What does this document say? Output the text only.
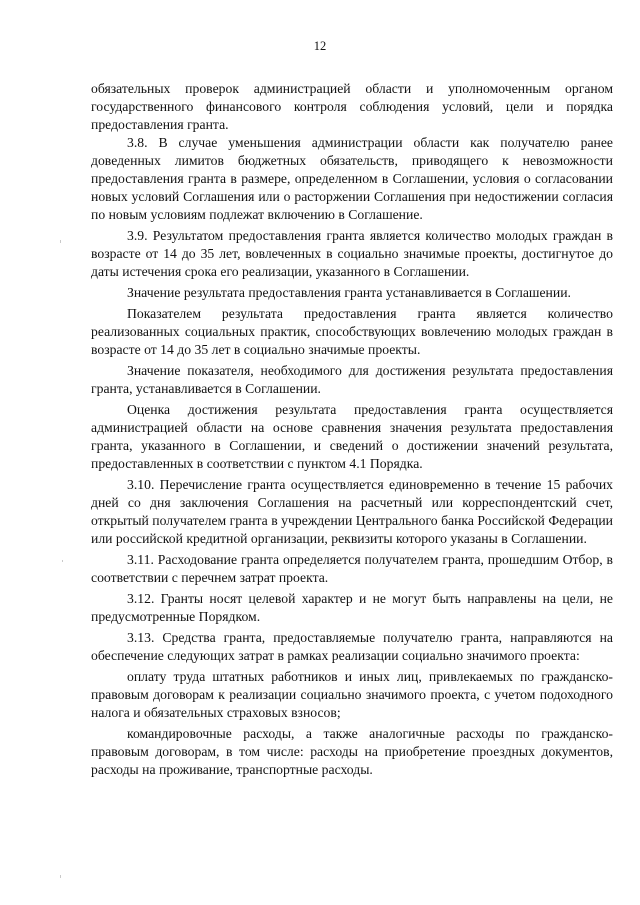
12

обязательных проверок администрацией области и уполномоченным органом государственного финансового контроля соблюдения условий, цели и порядка предоставления гранта.

3.8. В случае уменьшения администрации области как получателю ранее доведенных лимитов бюджетных обязательств, приводящего к невозможности предоставления гранта в размере, определенном в Соглашении, условия о согласовании новых условий Соглашения или о расторжении Соглашения при недостижении согласия по новым условиям подлежат включению в Соглашение.

3.9. Результатом предоставления гранта является количество молодых граждан в возрасте от 14 до 35 лет, вовлеченных в социально значимые проекты, достигнутое до даты истечения срока его реализации, указанного в Соглашении.

Значение результата предоставления гранта устанавливается в Соглашении.

Показателем результата предоставления гранта является количество реализованных социальных практик, способствующих вовлечению молодых граждан в возрасте от 14 до 35 лет в социально значимые проекты.

Значение показателя, необходимого для достижения результата предоставления гранта, устанавливается в Соглашении.

Оценка достижения результата предоставления гранта осуществляется администрацией области на основе сравнения значения результата предоставления гранта, указанного в Соглашении, и сведений о достижении значений результата, предоставленных в соответствии с пунктом 4.1 Порядка.

3.10. Перечисление гранта осуществляется единовременно в течение 15 рабочих дней со дня заключения Соглашения на расчетный или корреспондентский счет, открытый получателем гранта в учреждении Центрального банка Российской Федерации или российской кредитной организации, реквизиты которого указаны в Соглашении.

3.11. Расходование гранта определяется получателем гранта, прошедшим Отбор, в соответствии с перечнем затрат проекта.

3.12. Гранты носят целевой характер и не могут быть направлены на цели, не предусмотренные Порядком.

3.13. Средства гранта, предоставляемые получателю гранта, направляются на обеспечение следующих затрат в рамках реализации социально значимого проекта:

оплату труда штатных работников и иных лиц, привлекаемых по гражданско-правовым договорам к реализации социально значимого проекта, с учетом подоходного налога и обязательных страховых взносов;

командировочные расходы, а также аналогичные расходы по гражданско-правовым договорам, в том числе: расходы на приобретение проездных документов, расходы на проживание, транспортные расходы.
